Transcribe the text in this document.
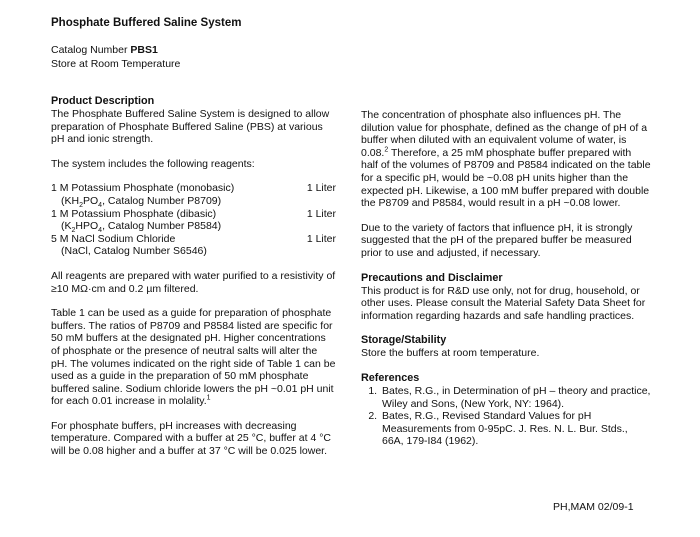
Phosphate Buffered Saline System
Catalog Number PBS1
Store at Room Temperature
Product Description

The Phosphate Buffered Saline System is designed to allow preparation of Phosphate Buffered Saline (PBS) at various pH and ionic strength.

The system includes the following reagents:

1 M Potassium Phosphate (monobasic)
($KH_2PO_4$, Catalog Number P8709)
1 Liter
1 M Potassium Phosphate (dibasic)
($K_2HPO_4$, Catalog Number P8584)
1 Liter
5 M NaCl Sodium Chloride
(NaCl, Catalog Number S6546)
1 Liter

All reagents are prepared with water purified to a resistivity of ≥10 MΩ·cm and 0.2 µm filtered.

Table 1 can be used as a guide for preparation of phosphate buffers. The ratios of P8709 and P8584 listed are specific for 50 mM buffers at the designated pH. Higher concentrations of phosphate or the presence of neutral salts will alter the pH. The volumes indicated on the right side of Table 1 can be used as a guide in the preparation of 50 mM phosphate buffered saline. Sodium chloride lowers the pH ~0.01 pH unit for each 0.01 increase in molality.$^1$

For phosphate buffers, pH increases with decreasing temperature. Compared with a buffer at 25 °C, buffer at 4 °C will be 0.08 higher and a buffer at 37 °C will be 0.025 lower.

The concentration of phosphate also influences pH. The dilution value for phosphate, defined as the change of pH of a buffer when diluted with an equivalent volume of water, is 0.08.$^2$ Therefore, a 25 mM phosphate buffer prepared with half of the volumes of P8709 and P8584 indicated on the table for a specific pH, would be ~0.08 pH units higher than the expected pH. Likewise, a 100 mM buffer prepared with double the P8709 and P8584, would result in a pH ~0.08 lower.

Due to the variety of factors that influence pH, it is strongly suggested that the pH of the prepared buffer be measured prior to use and adjusted, if necessary.

Precautions and Disclaimer

This product is for R&D use only, not for drug, household, or other uses. Please consult the Material Safety Data Sheet for information regarding hazards and safe handling practices.

Storage/Stability

Store the buffers at room temperature.

References
1. Bates, R.G., in Determination of pH – theory and practice, Wiley and Sons, (New York, NY: 1964).
2. Bates, R.G., Revised Standard Values for pH Measurements from 0-95pC. J. Res. N. L. Bur. Stds., 66A, 179-I84 (1962).
PH,MAM 02/09-1
